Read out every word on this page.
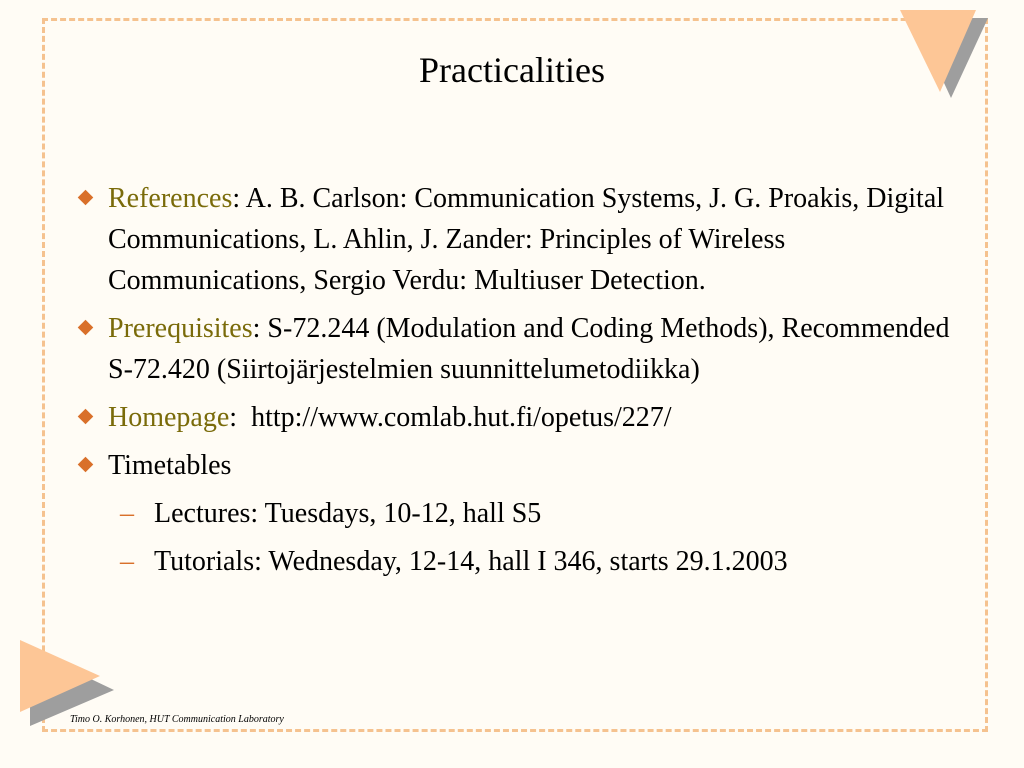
Practicalities
References: A. B. Carlson: Communication Systems, J. G. Proakis, Digital Communications, L. Ahlin, J. Zander: Principles of Wireless Communications, Sergio Verdu: Multiuser Detection.
Prerequisites: S-72.244 (Modulation and Coding Methods), Recommended S-72.420 (Siirtojärjestelmien suunnittelumetodiikka)
Homepage:  http://www.comlab.hut.fi/opetus/227/
Timetables
– Lectures: Tuesdays, 10-12, hall S5
– Tutorials: Wednesday, 12-14, hall I 346, starts 29.1.2003
Timo O. Korhonen, HUT Communication Laboratory
